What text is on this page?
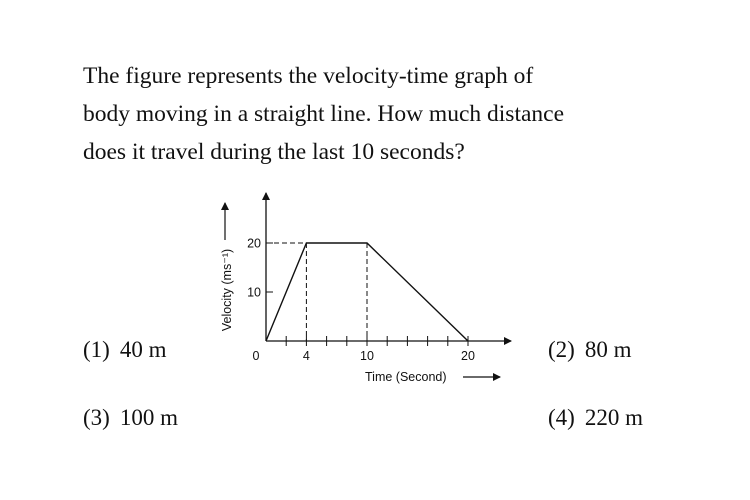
The figure represents the velocity-time graph of
body moving in a straight line. How much distance
does it travel during the last 10 seconds?
4	10	20
0
10
20
Time (Second)
Velocity (ms⁻¹)
(1) 40 m	(2) 80 m
(3) 100 m	(4) 220 m
